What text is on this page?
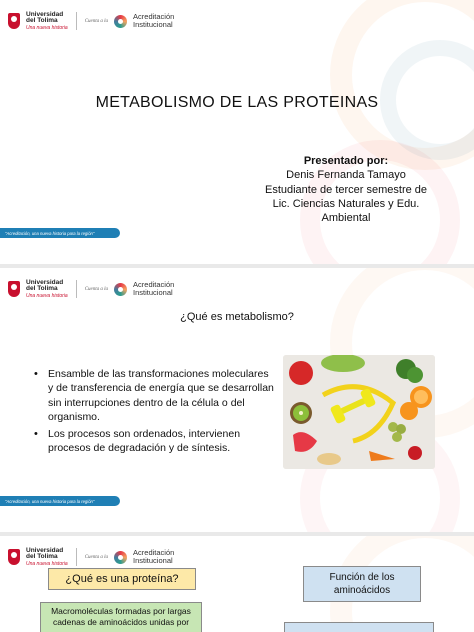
Universidad
del Tolima
Una nueva historia
Cuenta a la	Acreditación
Institucional
METABOLISMO DE LAS PROTEINAS
Presentado por:
Denis Fernanda Tamayo
Estudiante de tercer semestre de
Lic. Ciencias Naturales y Edu.
Ambiental
"Acreditación, una nueva historia para la región"
Universidad
del Tolima
Una nueva historia
Cuenta a la	Acreditación
Institucional
¿Qué es metabolismo?
• Ensamble de las transformaciones moleculares y de transferencia de energía que se desarrollan sin interrupciones dentro de la célula o del organismo.
• Los procesos son ordenados, intervienen procesos de degradación y de síntesis.
"Acreditación, una nueva historia para la región"
Universidad
del Tolima
Una nueva historia
Cuenta a la	Acreditación
Institucional
¿Qué es una proteína?
Macromoléculas formadas por largas cadenas de aminoácidos unidas por
Función de los aminoácidos
